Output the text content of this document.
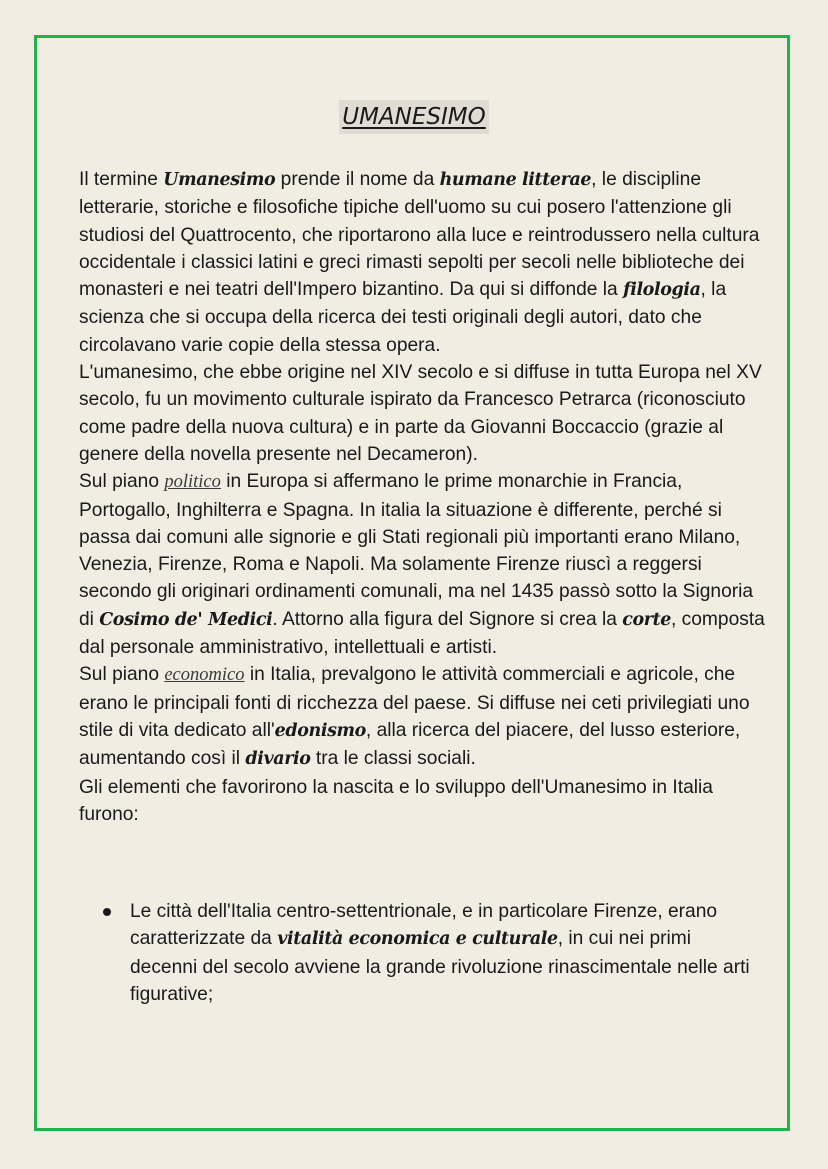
UMANESIMO

Il termine Umanesimo prende il nome da humane litterae, le discipline letterarie, storiche e filosofiche tipiche dell'uomo su cui posero l'attenzione gli studiosi del Quattrocento, che riportarono alla luce e reintrodussero nella cultura occidentale i classici latini e greci rimasti sepolti per secoli nelle biblioteche dei monasteri e nei teatri dell'Impero bizantino. Da qui si diffonde la filologia, la scienza che si occupa della ricerca dei testi originali degli autori, dato che circolavano varie copie della stessa opera.

L'umanesimo, che ebbe origine nel XIV secolo e si diffuse in tutta Europa nel XV secolo, fu un movimento culturale ispirato da Francesco Petrarca (riconosciuto come padre della nuova cultura) e in parte da Giovanni Boccaccio (grazie al genere della novella presente nel Decameron).

Sul piano politico in Europa si affermano le prime monarchie in Francia, Portogallo, Inghilterra e Spagna. In italia la situazione è differente, perché si passa dai comuni alle signorie e gli Stati regionali più importanti erano Milano, Venezia, Firenze, Roma e Napoli. Ma solamente Firenze riuscì a reggersi secondo gli originari ordinamenti comunali, ma nel 1435 passò sotto la Signoria di Cosimo de' Medici. Attorno alla figura del Signore si crea la corte, composta dal personale amministrativo, intellettuali e artisti.

Sul piano economico in Italia, prevalgono le attività commerciali e agricole, che erano le principali fonti di ricchezza del paese. Si diffuse nei ceti privilegiati uno stile di vita dedicato all'edonismo, alla ricerca del piacere, del lusso esteriore, aumentando così il divario tra le classi sociali.

Gli elementi che favorirono la nascita e lo sviluppo dell'Umanesimo in Italia furono:

Le città dell'Italia centro-settentrionale, e in particolare Firenze, erano caratterizzate da vitalità economica e culturale, in cui nei primi decenni del secolo avviene la grande rivoluzione rinascimentale nelle arti figurative;
